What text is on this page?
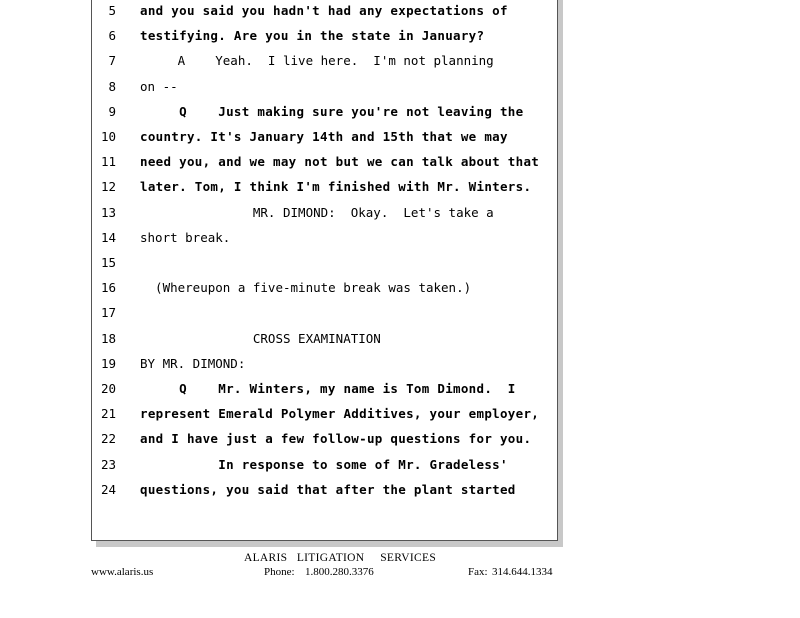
5 and you said you hadn't had any expectations of
6 testifying. Are you in the state in January?
7 A    Yeah.  I live here.  I'm not planning
8 on --
9 Q    Just making sure you're not leaving the
10 country. It's January 14th and 15th that we may
11 need you, and we may not but we can talk about that
12 later. Tom, I think I'm finished with Mr. Winters.
13 MR. DIMOND:  Okay.  Let's take a
14 short break.
15
16 (Whereupon a five-minute break was taken.)
17
18 CROSS EXAMINATION
19 BY MR. DIMOND:
20 Q    Mr. Winters, my name is Tom Dimond.  I
21 represent Emerald Polymer Additives, your employer,
22 and I have just a few follow-up questions for you.
23 In response to some of Mr. Gradeless'
24 questions, you said that after the plant started
ALARIS   LITIGATION     SERVICES
www.alaris.us	Phone: 1.800.280.3376	Fax: 314.644.1334
